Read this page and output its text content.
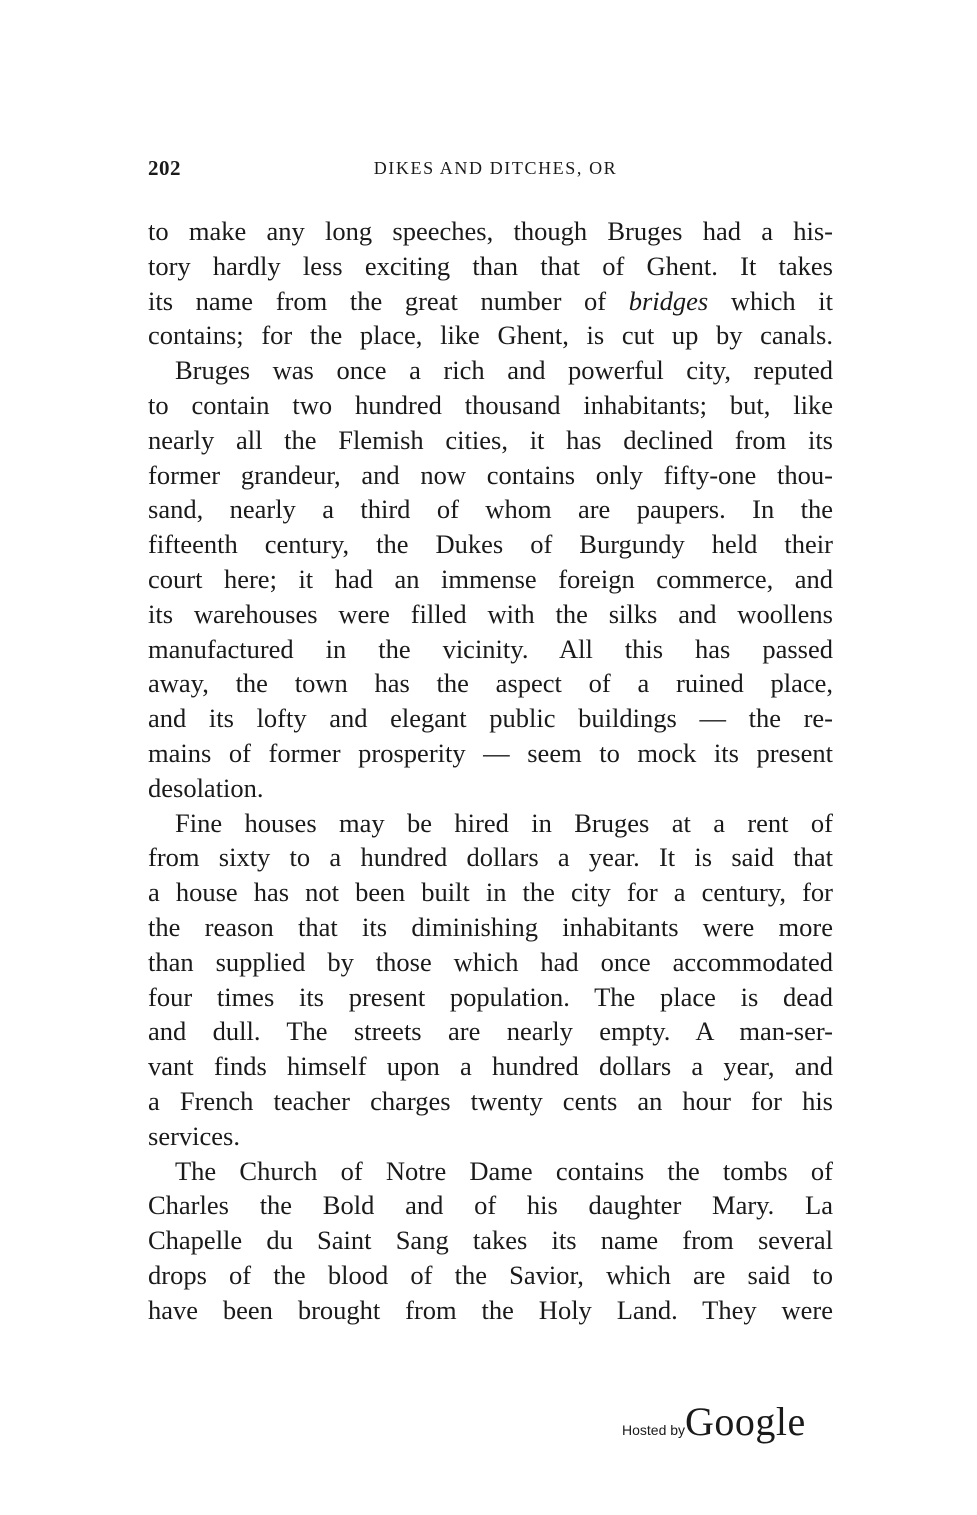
202	DIKES AND DITCHES, OR
to make any long speeches, though Bruges had a his-
tory hardly less exciting than that of Ghent. It takes
its name from the great number of bridges which it
contains; for the place, like Ghent, is cut up by canals.
Bruges was once a rich and powerful city, reputed
to contain two hundred thousand inhabitants; but, like
nearly all the Flemish cities, it has declined from its
former grandeur, and now contains only fifty-one thou-
sand, nearly a third of whom are paupers. In the
fifteenth century, the Dukes of Burgundy held their
court here; it had an immense foreign commerce, and
its warehouses were filled with the silks and woollens
manufactured in the vicinity. All this has passed
away, the town has the aspect of a ruined place,
and its lofty and elegant public buildings — the re-
mains of former prosperity — seem to mock its present
desolation.
Fine houses may be hired in Bruges at a rent of
from sixty to a hundred dollars a year. It is said that
a house has not been built in the city for a century, for
the reason that its diminishing inhabitants were more
than supplied by those which had once accommodated
four times its present population. The place is dead
and dull. The streets are nearly empty. A man-ser-
vant finds himself upon a hundred dollars a year, and
a French teacher charges twenty cents an hour for his
services.
The Church of Notre Dame contains the tombs of
Charles the Bold and of his daughter Mary. La
Chapelle du Saint Sang takes its name from several
drops of the blood of the Savior, which are said to
have been brought from the Holy Land. They were
Hosted byGoogle
